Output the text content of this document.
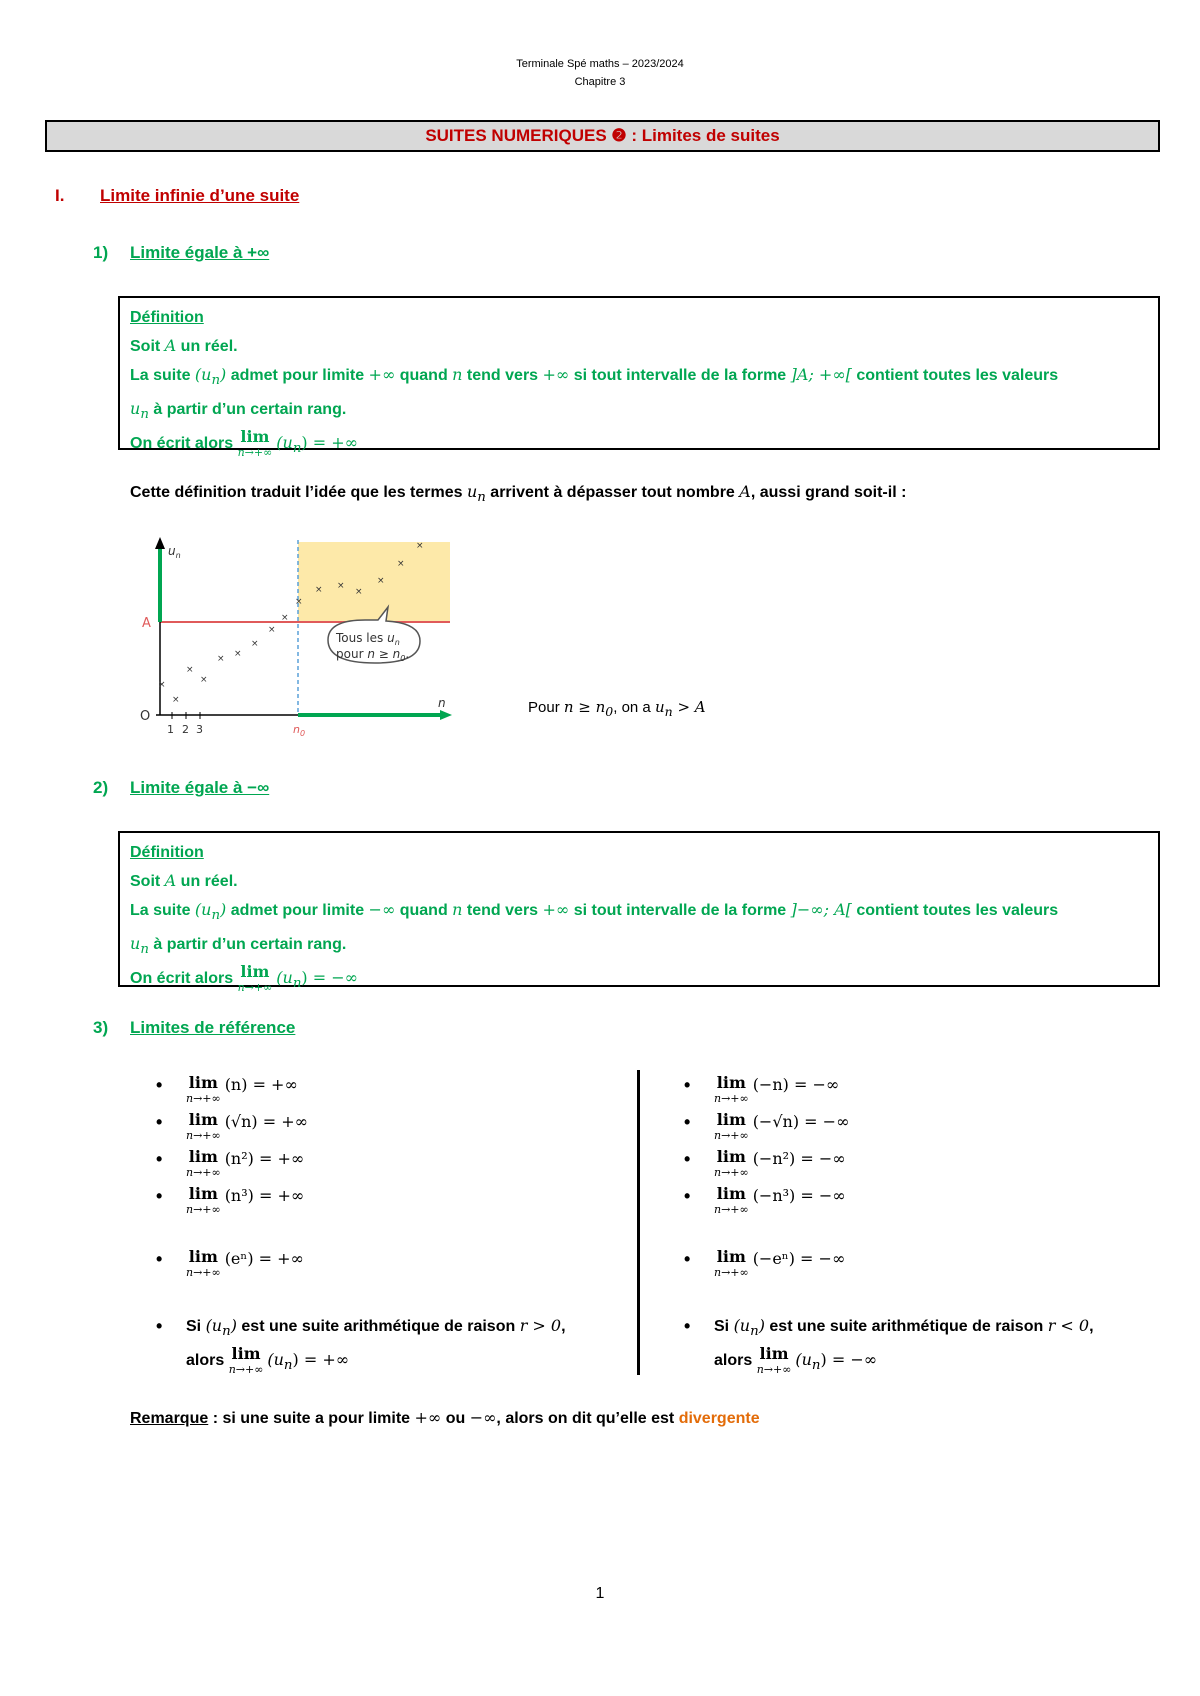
Terminale Spé maths – 2023/2024
Chapitre 3
SUITES NUMERIQUES ❷ : Limites de suites
I. Limite infinie d’une suite
1) Limite égale à +∞
Définition
Soit A un réel.
La suite $(u_n)$ admet pour limite +∞ quand n tend vers +∞ si tout intervalle de la forme ]A; +∞[ contient toutes les valeurs
$u_n$ à partir d’un certain rang.
On écrit alors lim
n→+∞
$(u_n)$ = +∞
Cette définition traduit l’idée que les termes $u_n$ arrivent à dépasser tout nombre A, aussi grand soit-il :
$u_n$
A
O
1 2 3	$n_0$
n
×
×
×
×
× ×
×
×
×
×
× ×
×
×
×
×
Tous les $u_n$
pour $n \ge n_0$.
Pour $n \ge n_0$, on a $u_n > A$
2) Limite égale à −∞
Définition
Soit A un réel.
La suite $(u_n)$ admet pour limite −∞ quand n tend vers +∞ si tout intervalle de la forme ]−∞; A[ contient toutes les valeurs
$u_n$ à partir d’un certain rang.
On écrit alors lim
n→+∞
$(u_n)$ = −∞
3) Limites de référence
• lim
n→+∞
(n) = +∞
• lim
n→+∞
(√n) = +∞
• lim
n→+∞
(n²) = +∞
• lim
n→+∞
(n³) = +∞
• lim
n→+∞
(eⁿ) = +∞
• Si $(u_n)$ est une suite arithmétique de raison r > 0,
alors lim
n→+∞
$(u_n)$ = +∞
• lim
n→+∞
(−n) = −∞
• lim
n→+∞
(−√n) = −∞
• lim
n→+∞
(−n²) = −∞
• lim
n→+∞
(−n³) = −∞
• lim
n→+∞
(−eⁿ) = −∞
• Si $(u_n)$ est une suite arithmétique de raison r < 0,
alors lim
n→+∞
$(u_n)$ = −∞
Remarque : si une suite a pour limite +∞ ou −∞, alors on dit qu’elle est divergente
1
